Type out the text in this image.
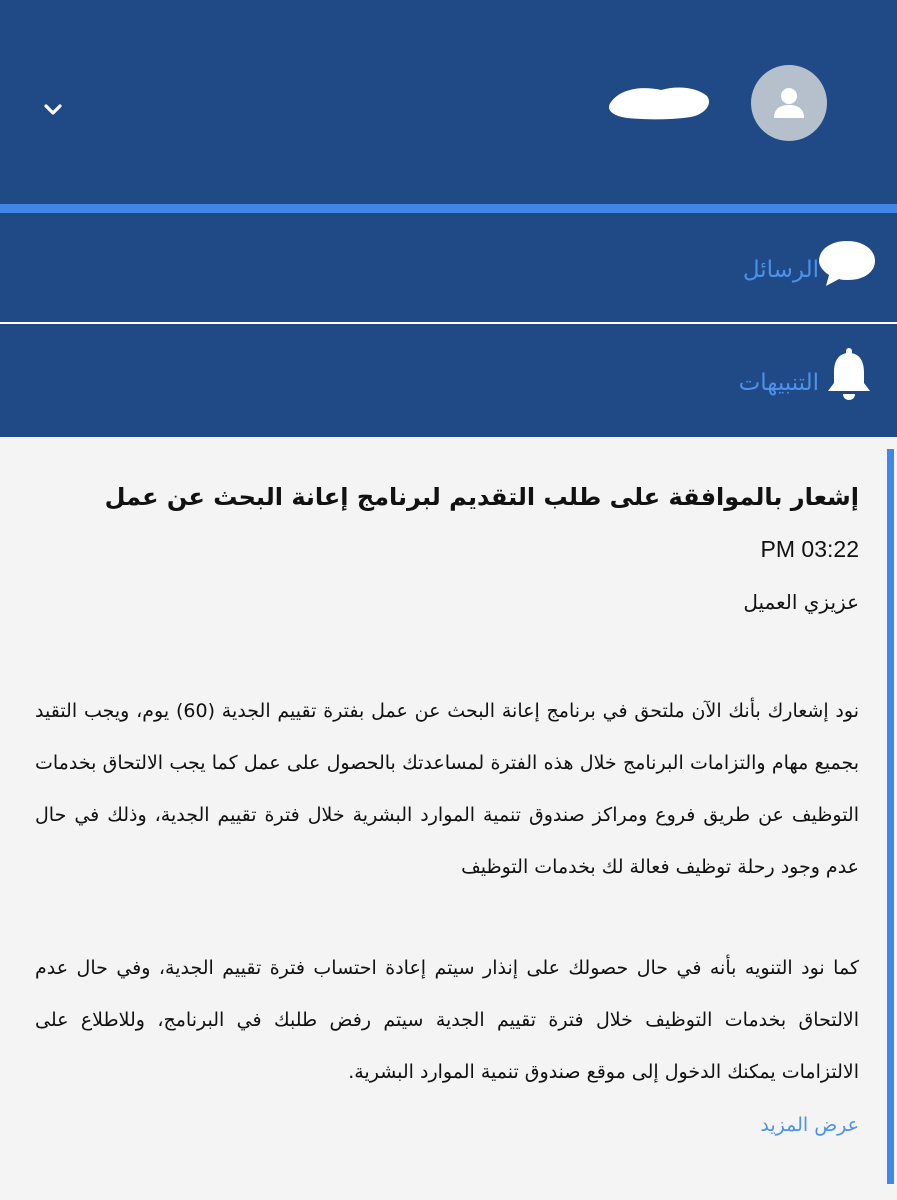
الرسائل
التنبيهات
إشعار بالموافقة على طلب التقديم لبرنامج إعانة البحث عن عمل
PM 03:22
عزيزي العميل
نود إشعارك بأنك الآن ملتحق في برنامج إعانة البحث عن عمل بفترة تقييم الجدية (60) يوم، ويجب التقيد بجميع مهام والتزامات البرنامج خلال هذه الفترة لمساعدتك بالحصول على عمل كما يجب الالتحاق بخدمات التوظيف عن طريق فروع ومراكز صندوق تنمية الموارد البشرية خلال فترة تقييم الجدية، وذلك في حال عدم وجود رحلة توظيف فعالة لك بخدمات التوظيف
كما نود التنويه بأنه في حال حصولك على إنذار سيتم إعادة احتساب فترة تقييم الجدية، وفي حال عدم الالتحاق بخدمات التوظيف خلال فترة تقييم الجدية سيتم رفض طلبك في البرنامج، وللاطلاع على الالتزامات يمكنك الدخول إلى موقع صندوق تنمية الموارد البشرية.
عرض المزيد
